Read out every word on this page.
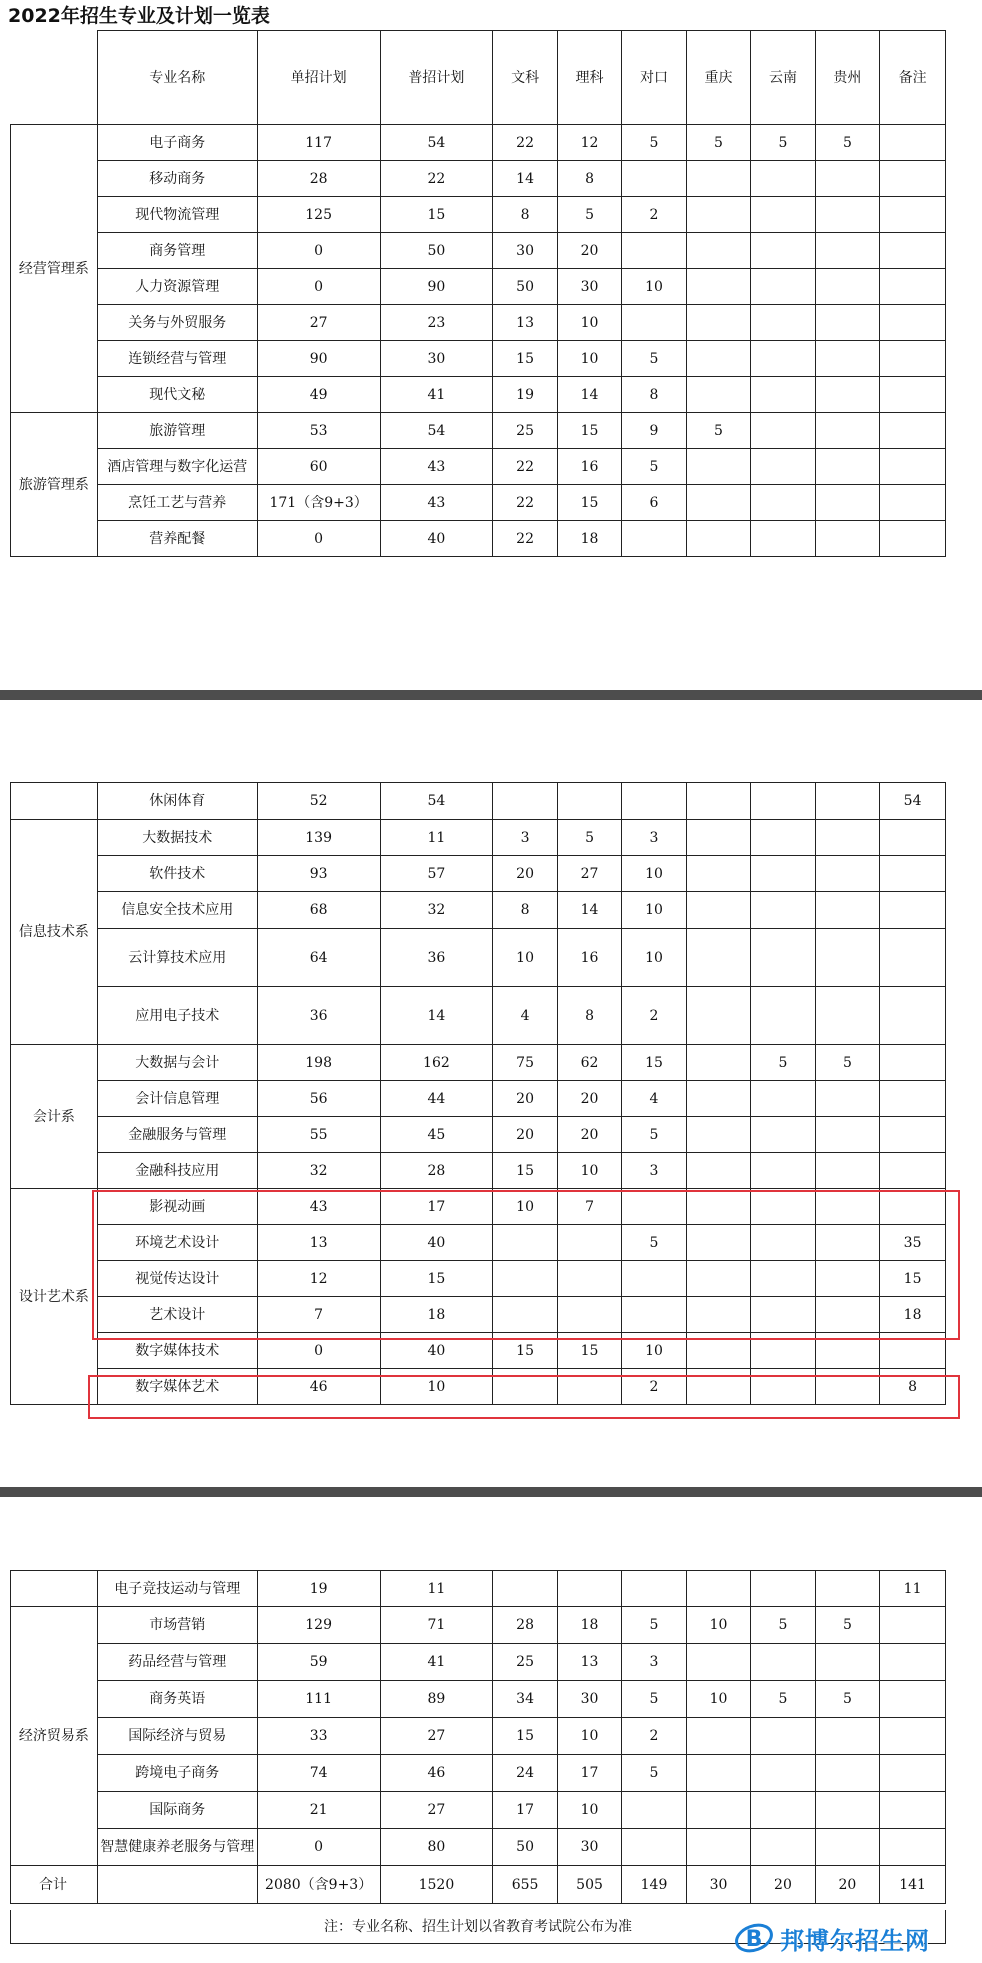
2022年招生专业及计划一览表
	专业名称	单招计划	普招计划	文科	理科	对口	重庆	云南	贵州	备注
经营管理系	电子商务	117	54	22	12	5	5	5	5	
	移动商务	28	22	14	8					
	现代物流管理	125	15	8	5	2				
	商务管理	0	50	30	20					
	人力资源管理	0	90	50	30	10				
	关务与外贸服务	27	23	13	10					
	连锁经营与管理	90	30	15	10	5				
	现代文秘	49	41	19	14	8				
旅游管理系	旅游管理	53	54	25	15	9	5			
	酒店管理与数字化运营	60	43	22	16	5				
	烹饪工艺与营养	171（含9+3）	43	22	15	6				
	营养配餐	0	40	22	18					
	休闲体育	52	54							54
信息技术系	大数据技术	139	11	3	5	3				
	软件技术	93	57	20	27	10				
	信息安全技术应用	68	32	8	14	10				
	云计算技术应用	64	36	10	16	10				
	应用电子技术	36	14	4	8	2				
会计系	大数据与会计	198	162	75	62	15		5	5	
	会计信息管理	56	44	20	20	4				
	金融服务与管理	55	45	20	20	5				
	金融科技应用	32	28	15	10	3				
设计艺术系	影视动画	43	17	10	7					
	环境艺术设计	13	40			5				35
	视觉传达设计	12	15							15
	艺术设计	7	18							18
	数字媒体技术	0	40	15	15	10				
	数字媒体艺术	46	10			2				8
	电子竞技运动与管理	19	11							11
经济贸易系	市场营销	129	71	28	18	5	10	5	5	
	药品经营与管理	59	41	25	13	3				
	商务英语	111	89	34	30	5	10	5	5	
	国际经济与贸易	33	27	15	10	2				
	跨境电子商务	74	46	24	17	5				
	国际商务	21	27	17	10					
	智慧健康养老服务与管理	0	80	50	30					
合计		2080（含9+3）	1520	655	505	149	30	20	20	141
注：专业名称、招生计划以省教育考试院公布为准	B 邦博尔招生网
